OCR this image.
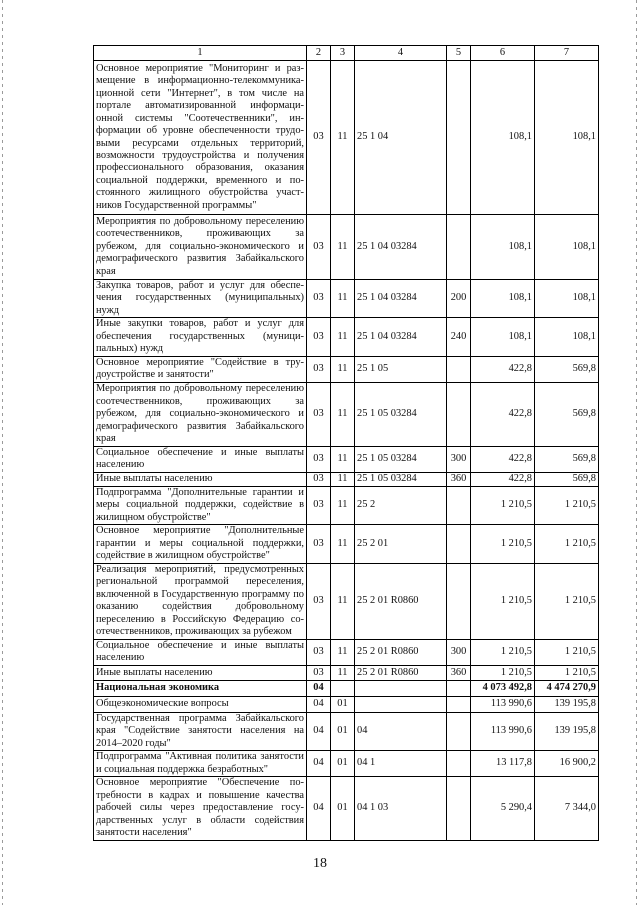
1	2	3	4	5	6	7
Основное мероприятие "Мониторинг и размещение в информационно-телекоммуникационной сети "Интернет", в том числе на портале автоматизированной информационной системы "Соотечественники", информации об уровне обеспеченности трудовыми ресурсами отдельных территорий, возможности трудоустройства и получения профессионального образования, оказания социальной поддержки, временного и постоянного жилищного обустройства участников Государственной программы"	03	11	25 1 04		108,1	108,1
Мероприятия по добровольному переселению соотечественников, проживающих за рубежом, для социально-экономического и демографического развития Забайкальского края	03	11	25 1 04 03284		108,1	108,1
Закупка товаров, работ и услуг для обеспечения государственных (муниципальных) нужд	03	11	25 1 04 03284	200	108,1	108,1
Иные закупки товаров, работ и услуг для обеспечения государственных (муниципальных) нужд	03	11	25 1 04 03284	240	108,1	108,1
Основное мероприятие "Содействие в трудоустройстве и занятости"	03	11	25 1 05		422,8	569,8
Мероприятия по добровольному переселению соотечественников, проживающих за рубежом, для социально-экономического и демографического развития Забайкальского края	03	11	25 1 05 03284		422,8	569,8
Социальное обеспечение и иные выплаты населению	03	11	25 1 05 03284	300	422,8	569,8
Иные выплаты населению	03	11	25 1 05 03284	360	422,8	569,8
Подпрограмма "Дополнительные гарантии и меры социальной поддержки, содействие в жилищном обустройстве"	03	11	25 2		1 210,5	1 210,5
Основное мероприятие "Дополнительные гарантии и меры социальной поддержки, содействие в жилищном обустройстве"	03	11	25 2 01		1 210,5	1 210,5
Реализация мероприятий, предусмотренных региональной программой переселения, включенной в Государственную программу по оказанию содействия добровольному переселению в Российскую Федерацию соотечественников, проживающих за рубежом	03	11	25 2 01 R0860		1 210,5	1 210,5
Социальное обеспечение и иные выплаты населению	03	11	25 2 01 R0860	300	1 210,5	1 210,5
Иные выплаты населению	03	11	25 2 01 R0860	360	1 210,5	1 210,5
Национальная экономика	04				4 073 492,8	4 474 270,9
Общеэкономические вопросы	04	01			113 990,6	139 195,8
Государственная программа Забайкальского края "Содействие занятости населения на 2014–2020 годы"	04	01	04		113 990,6	139 195,8
Подпрограмма "Активная политика занятости и социальная поддержка безработных"	04	01	04 1		13 117,8	16 900,2
Основное мероприятие "Обеспечение потребности в кадрах и повышение качества рабочей силы через предоставление государственных услуг в области содействия занятости населения"	04	01	04 1 03		5 290,4	7 344,0
18
